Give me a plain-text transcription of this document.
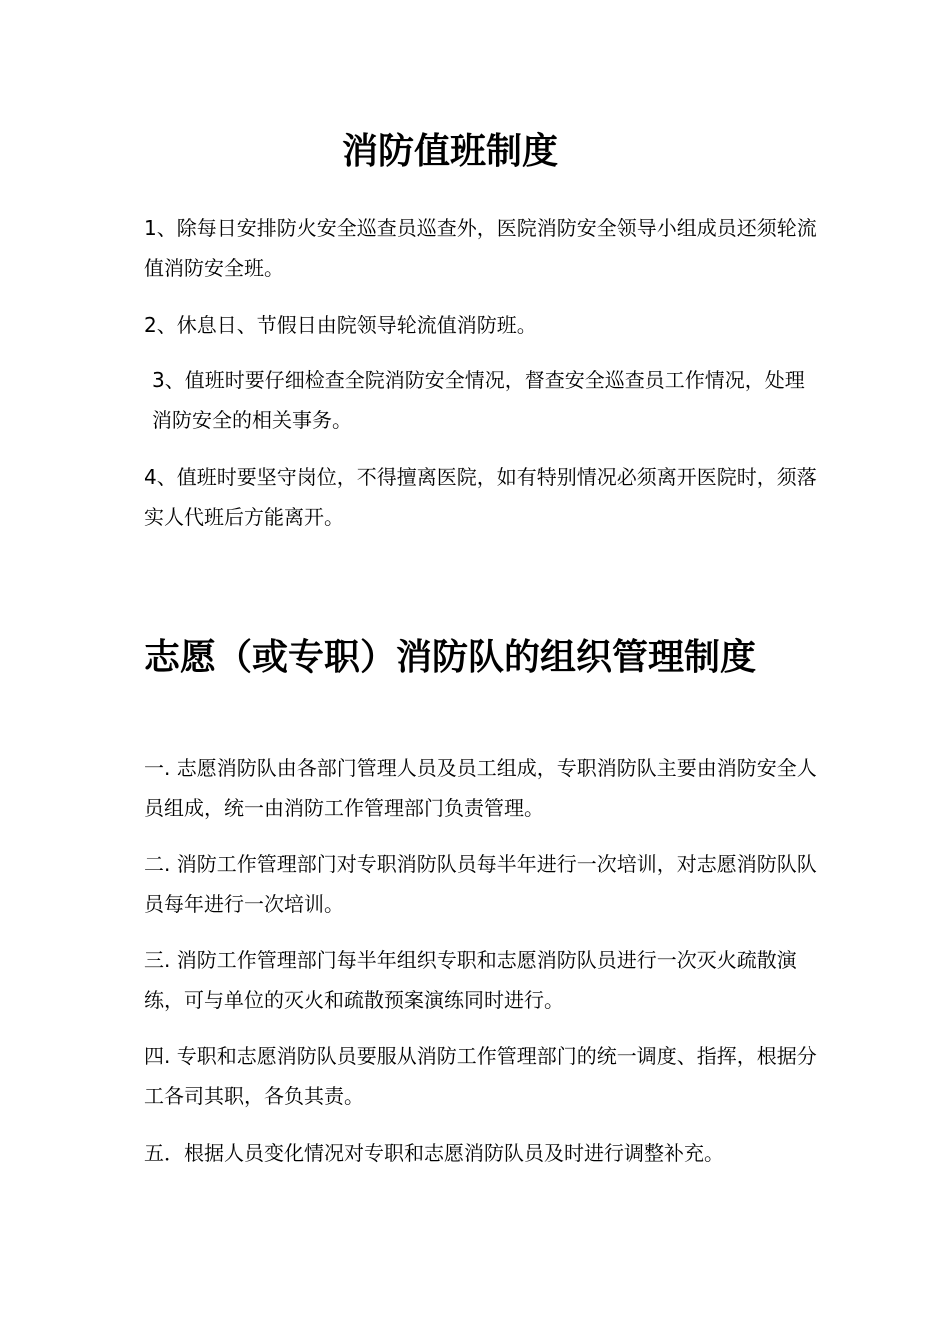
消防值班制度

1、除每日安排防火安全巡查员巡查外，医院消防安全领导小组成员还须轮流值消防安全班。

2、休息日、节假日由院领导轮流值消防班。

3、值班时要仔细检查全院消防安全情况，督查安全巡查员工作情况，处理消防安全的相关事务。

4、值班时要坚守岗位，不得擅离医院，如有特别情况必须离开医院时，须落实人代班后方能离开。

志愿（或专职）消防队的组织管理制度

一. 志愿消防队由各部门管理人员及员工组成，专职消防队主要由消防安全人员组成，统一由消防工作管理部门负责管理。

二. 消防工作管理部门对专职消防队员每半年进行一次培训，对志愿消防队队员每年进行一次培训。

三. 消防工作管理部门每半年组织专职和志愿消防队员进行一次灭火疏散演练，可与单位的灭火和疏散预案演练同时进行。

四. 专职和志愿消防队员要服从消防工作管理部门的统一调度、指挥，根据分工各司其职，各负其责。

五．根据人员变化情况对专职和志愿消防队员及时进行调整补充。
